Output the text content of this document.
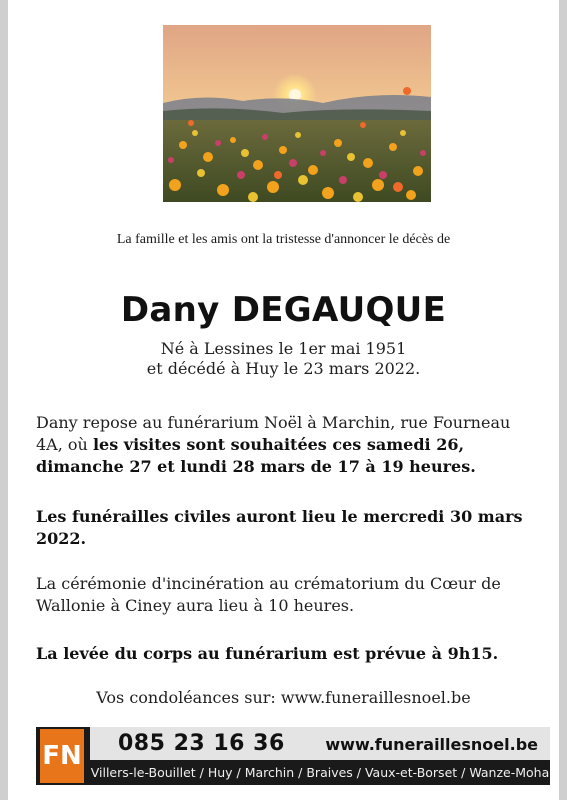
La famille et les amis ont la tristesse d'annoncer le décès de
Dany DEGAUQUE
Né à Lessines le 1er mai 1951
et décédé à Huy le 23 mars 2022.

Dany repose au funérarium Noël à Marchin, rue Fourneau 4A, où les visites sont souhaitées ces samedi 26, dimanche 27 et lundi 28 mars de 17 à 19 heures.

Les funérailles civiles auront lieu le mercredi 30 mars 2022.

La cérémonie d'incinération au crématorium du Cœur de Wallonie à Ciney aura lieu à 10 heures.

La levée du corps au funérarium est prévue à 9h15.

Vos condoléances sur: www.funeraillesnoel.be
FN 085 23 16 36	www.funeraillesnoel.be
Villers-le-Bouillet / Huy / Marchin / Braives / Vaux-et-Borset / Wanze-Moha
